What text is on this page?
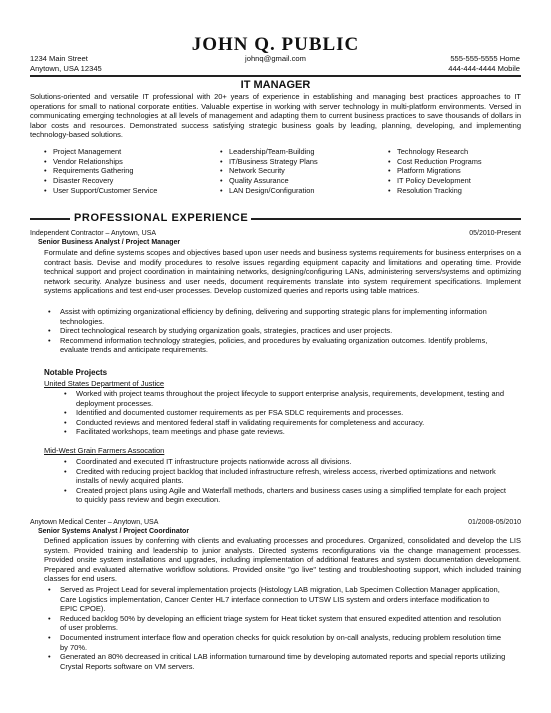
JOHN Q. PUBLIC
1234 Main Street
Anytown, USA 12345
johnq@gmail.com	555-555-5555 Home
444-444-4444 Mobile
IT MANAGER
Solutions-oriented and versatile IT professional with 20+ years of experience in establishing and managing best practices approaches to IT operations for small to national corporate entities. Valuable expertise in working with server technology in multi-platform environments. Versed in communicating emerging technologies at all levels of management and adapting them to current business practices to save thousands of dollars in labor costs and resources. Demonstrated success satisfying strategic business goals by leading, planning, developing, and implementing technology-based solutions.
• Project Management
• Vendor Relationships
• Requirements Gathering
• Disaster Recovery
• User Support/Customer Service
• Leadership/Team-Building
• IT/Business Strategy Plans
• Network Security
• Quality Assurance
• LAN Design/Configuration
• Technology Research
• Cost Reduction Programs
• Platform Migrations
• IT Policy Development
• Resolution Tracking
PROFESSIONAL EXPERIENCE
Independent Contractor – Anytown, USA	05/2010-Present
Senior Business Analyst / Project Manager
Formulate and define systems scopes and objectives based upon user needs and business systems requirements for business enterprises on a contract basis. Devise and modify procedures to resolve issues regarding equipment capacity and limitations and operating time. Provide technical support and project coordination in maintaining networks, designing/configuring LANs, administering servers/systems and optimizing network security. Analyze business and user needs, document requirements translate into system requirement specifications. Implement systems applications and test end-user processes. Develop customized queries and reports using table matrices.
• Assist with optimizing organizational efficiency by defining, delivering and supporting strategic plans for implementing information technologies.
• Direct technological research by studying organization goals, strategies, practices and user projects.
• Recommend information technology strategies, policies, and procedures by evaluating organization outcomes. Identify problems, evaluate trends and anticipate requirements.
Notable Projects
United States Department of Justice
• Worked with project teams throughout the project lifecycle to support enterprise analysis, requirements, development, testing and deployment processes.
• Identified and documented customer requirements as per FSA SDLC requirements and processes.
• Conducted reviews and mentored federal staff in validating requirements for completeness and accuracy.
• Facilitated workshops, team meetings and phase gate reviews.
Mid-West Grain Farmers Assocation
• Coordinated and executed IT infrastructure projects nationwide across all divisions.
• Credited with reducing project backlog that included infrastructure refresh, wireless access, riverbed optimizations and network installs of newly acquired plants.
• Created project plans using Agile and Waterfall methods, charters and business cases using a simplified template for each project to quickly pass review and begin execution.
Anytown Medical Center – Anytown, USA	01/2008-05/2010
Senior Systems Analyst / Project Coordinator
Defined application issues by conferring with clients and evaluating processes and procedures. Organized, consolidated and develop the LIS system. Provided training and leadership to junior analysts. Directed systems reconfigurations via the change management processes. Provided onsite system installations and upgrades, including implementation of additional features and system documentation development. Prepared and evaluated alternative workflow solutions. Provided onsite "go live" testing and troubleshooting support, which included training classes for end users.
• Served as Project Lead for several implementation projects (Histology LAB migration, Lab Specimen Collection Manager application, Care Logistics implementation, Cancer Center HL7 interface connection to UTSW LIS system and orders interface modification to EPIC CPOE).
• Reduced backlog 50% by developing an efficient triage system for Heat ticket system that ensured expedited attention and resolution of user problems.
• Documented instrument interface flow and operation checks for quick resolution by on-call analysts, reducing problem resolution time by 70%.
• Generated an 80% decreased in critical LAB information turnaround time by developing automated reports and special reports utilizing Crystal Reports software on VM servers.
